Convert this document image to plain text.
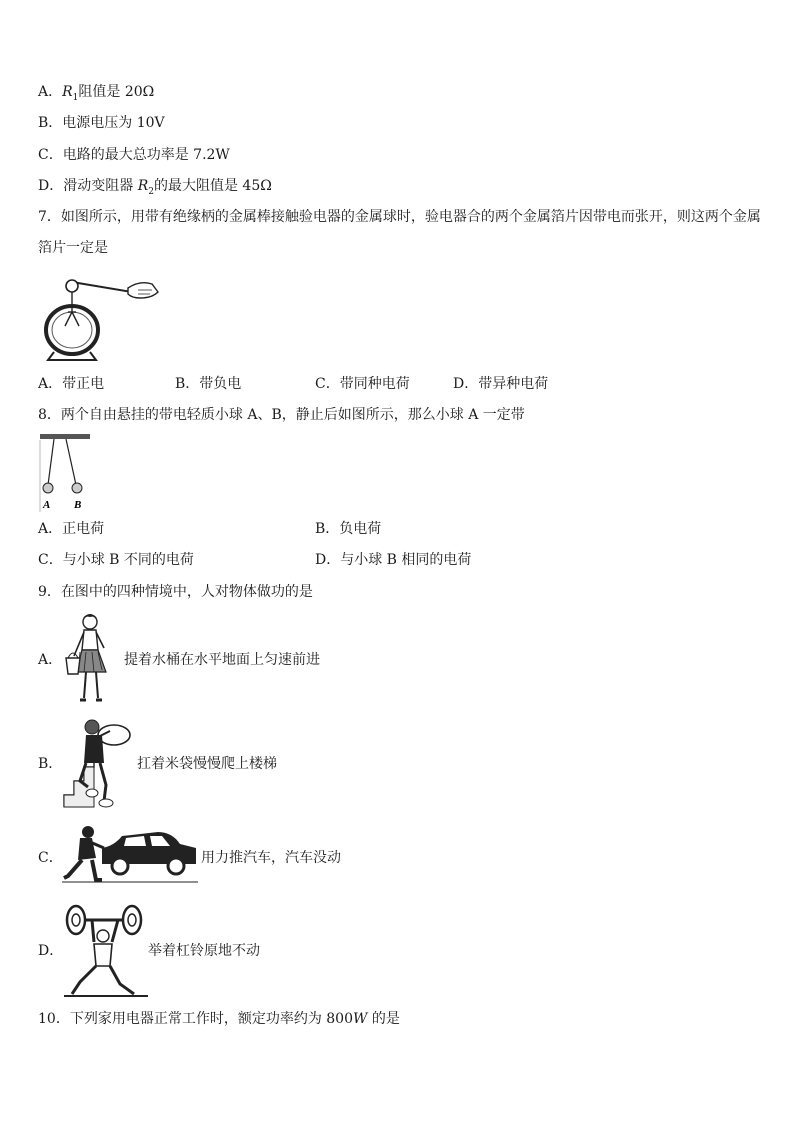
A．$R_1$阻值是 20Ω
B．电源电压为 10V
C．电路的最大总功率是 7.2W
D．滑动变阻器 $R_2$的最大阻值是 45Ω
7．如图所示，用带有绝缘柄的金属棒接触验电器的金属球时，验电器合的两个金属箔片因带电而张开，则这两个金属
箔片一定是
A．带正电	B．带负电	C．带同种电荷	D．带异种电荷
8．两个自由悬挂的带电轻质小球 A、B，静止后如图所示，那么小球 A 一定带
A B
A．正电荷	B．负电荷
C．与小球 B 不同的电荷	D．与小球 B 相同的电荷
9．在图中的四种情境中，人对物体做功的是
A．	提着水桶在水平地面上匀速前进
B．	扛着米袋慢慢爬上楼梯
C．	用力推汽车，汽车没动
D．	举着杠铃原地不动
10．下列家用电器正常工作时，额定功率约为 800W 的是
